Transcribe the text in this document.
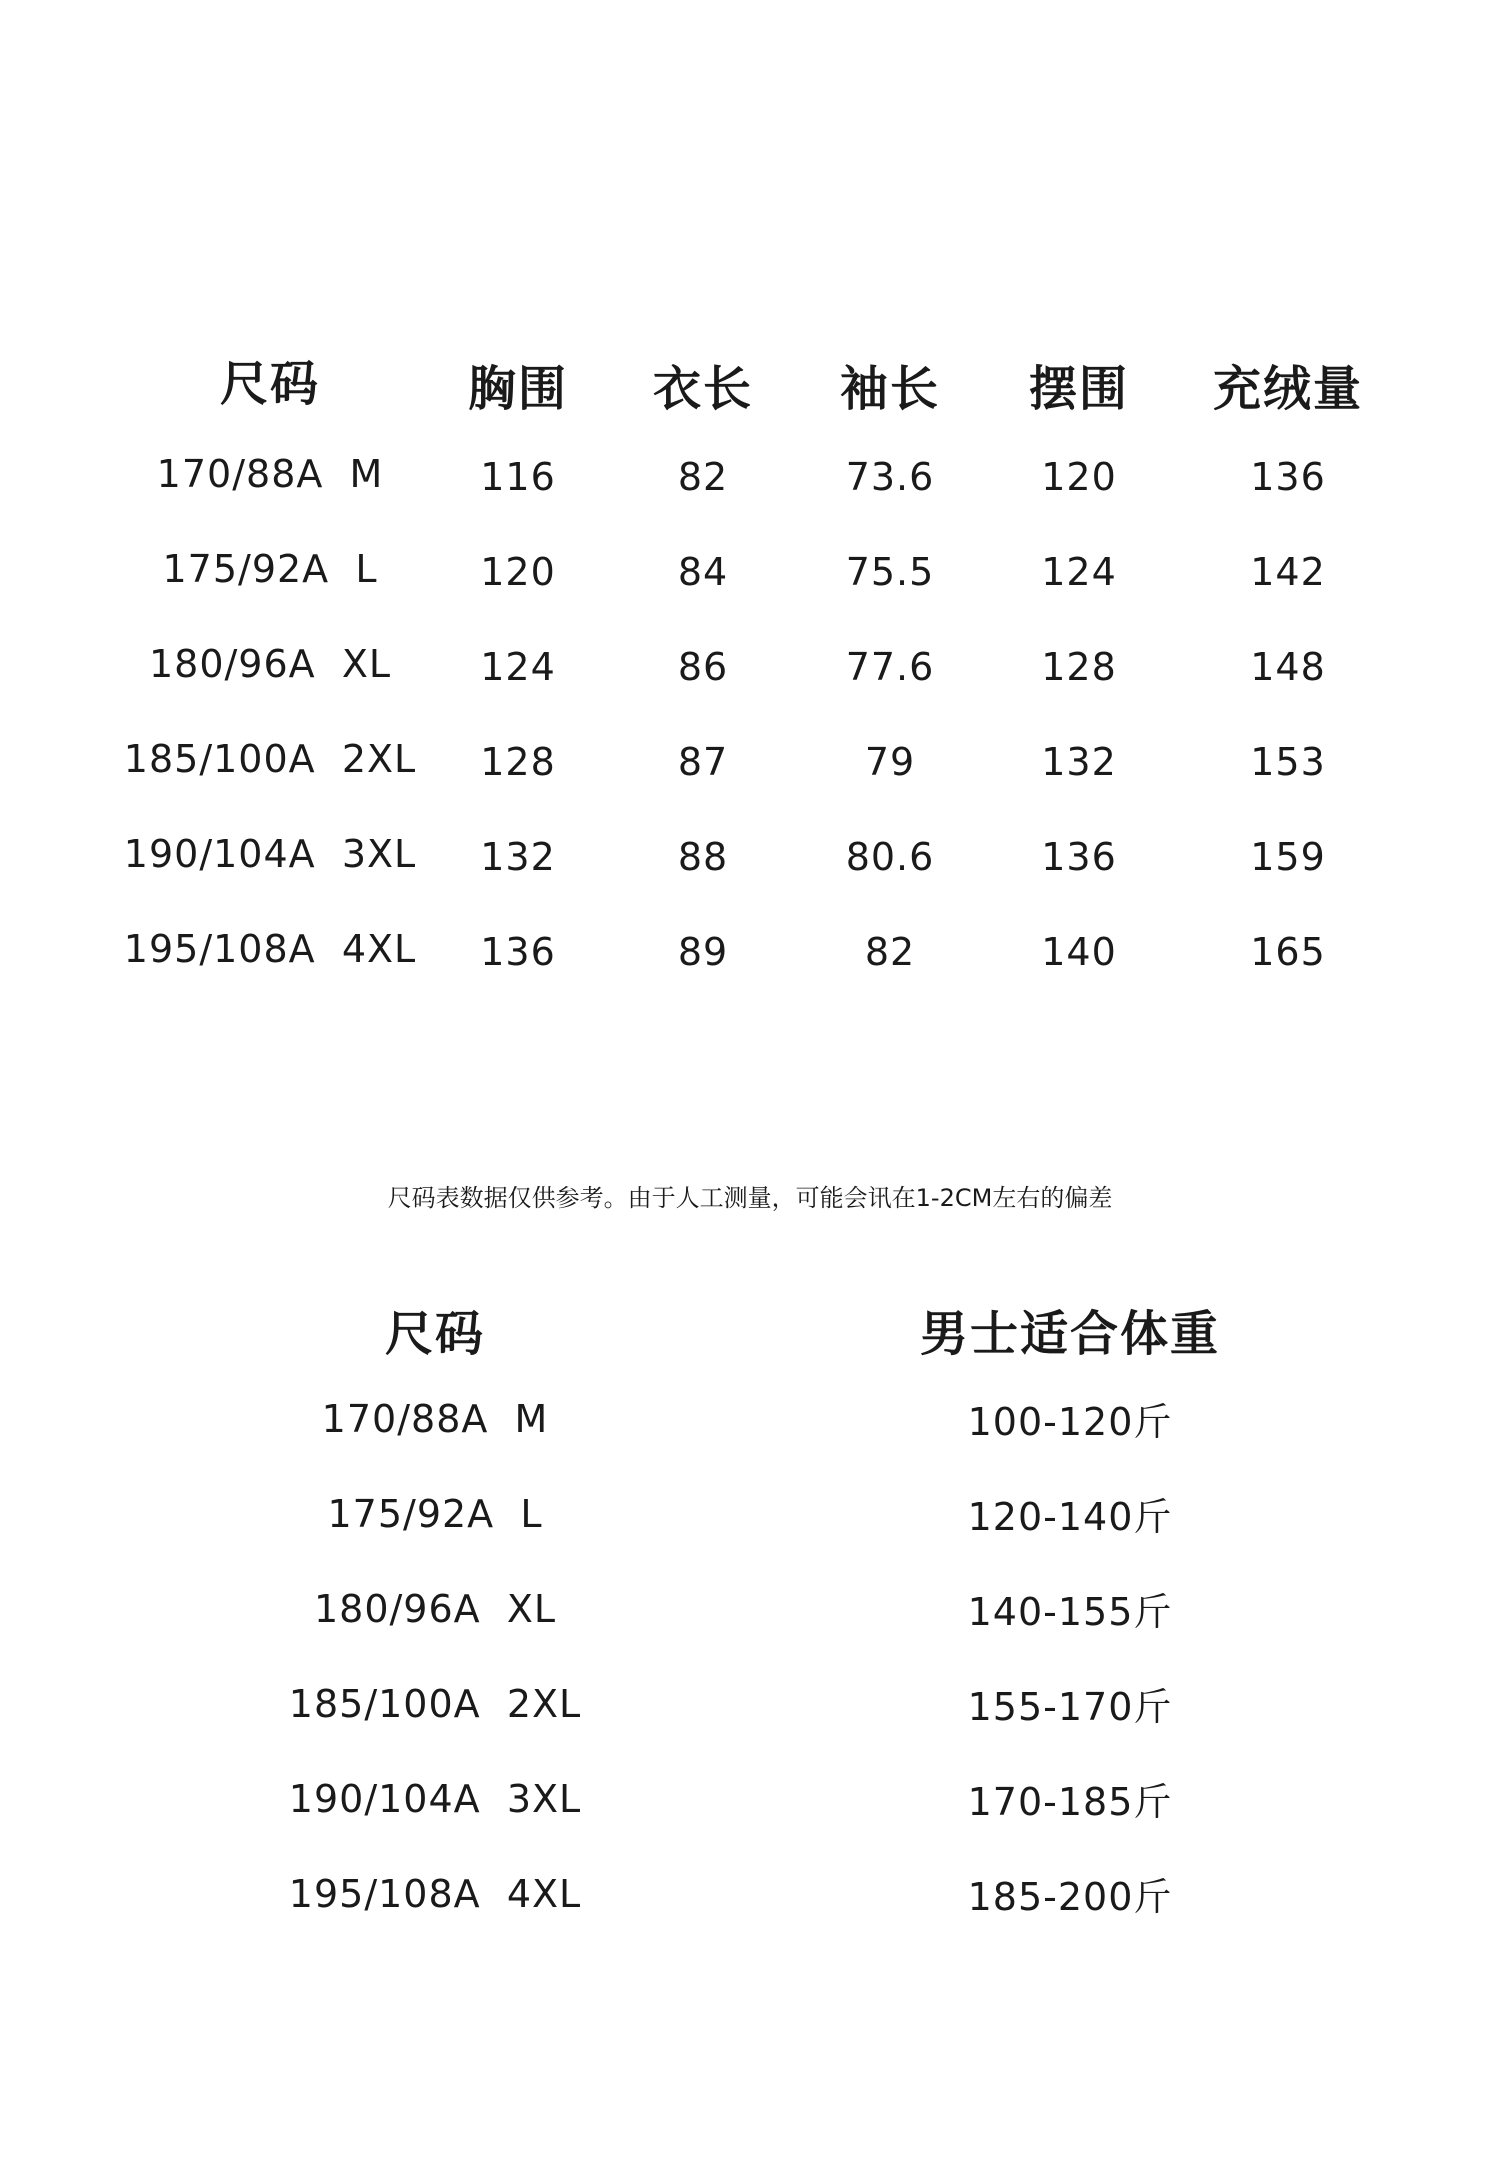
尺码	胸围 衣长 袖长 摆围 充绒量
170/88A  M	116	82	73.6	120	136
175/92A  L	120	84	75.5	124	142
180/96A  XL 124	86	77.6	128	148
185/100A  2XL 128	87	79	132	153
190/104A  3XL 132	88	80.6	136	159
195/108A  4XL 136	89	82	140	165
尺码表数据仅供参考。由于人工测量，可能会讯在1-2CM左右的偏差
尺码	男士适合体重
170/88A  M	100-120斤
175/92A  L	120-140斤
180/96A  XL	140-155斤
185/100A  2XL	155-170斤
190/104A  3XL	170-185斤
195/108A  4XL	185-200斤
